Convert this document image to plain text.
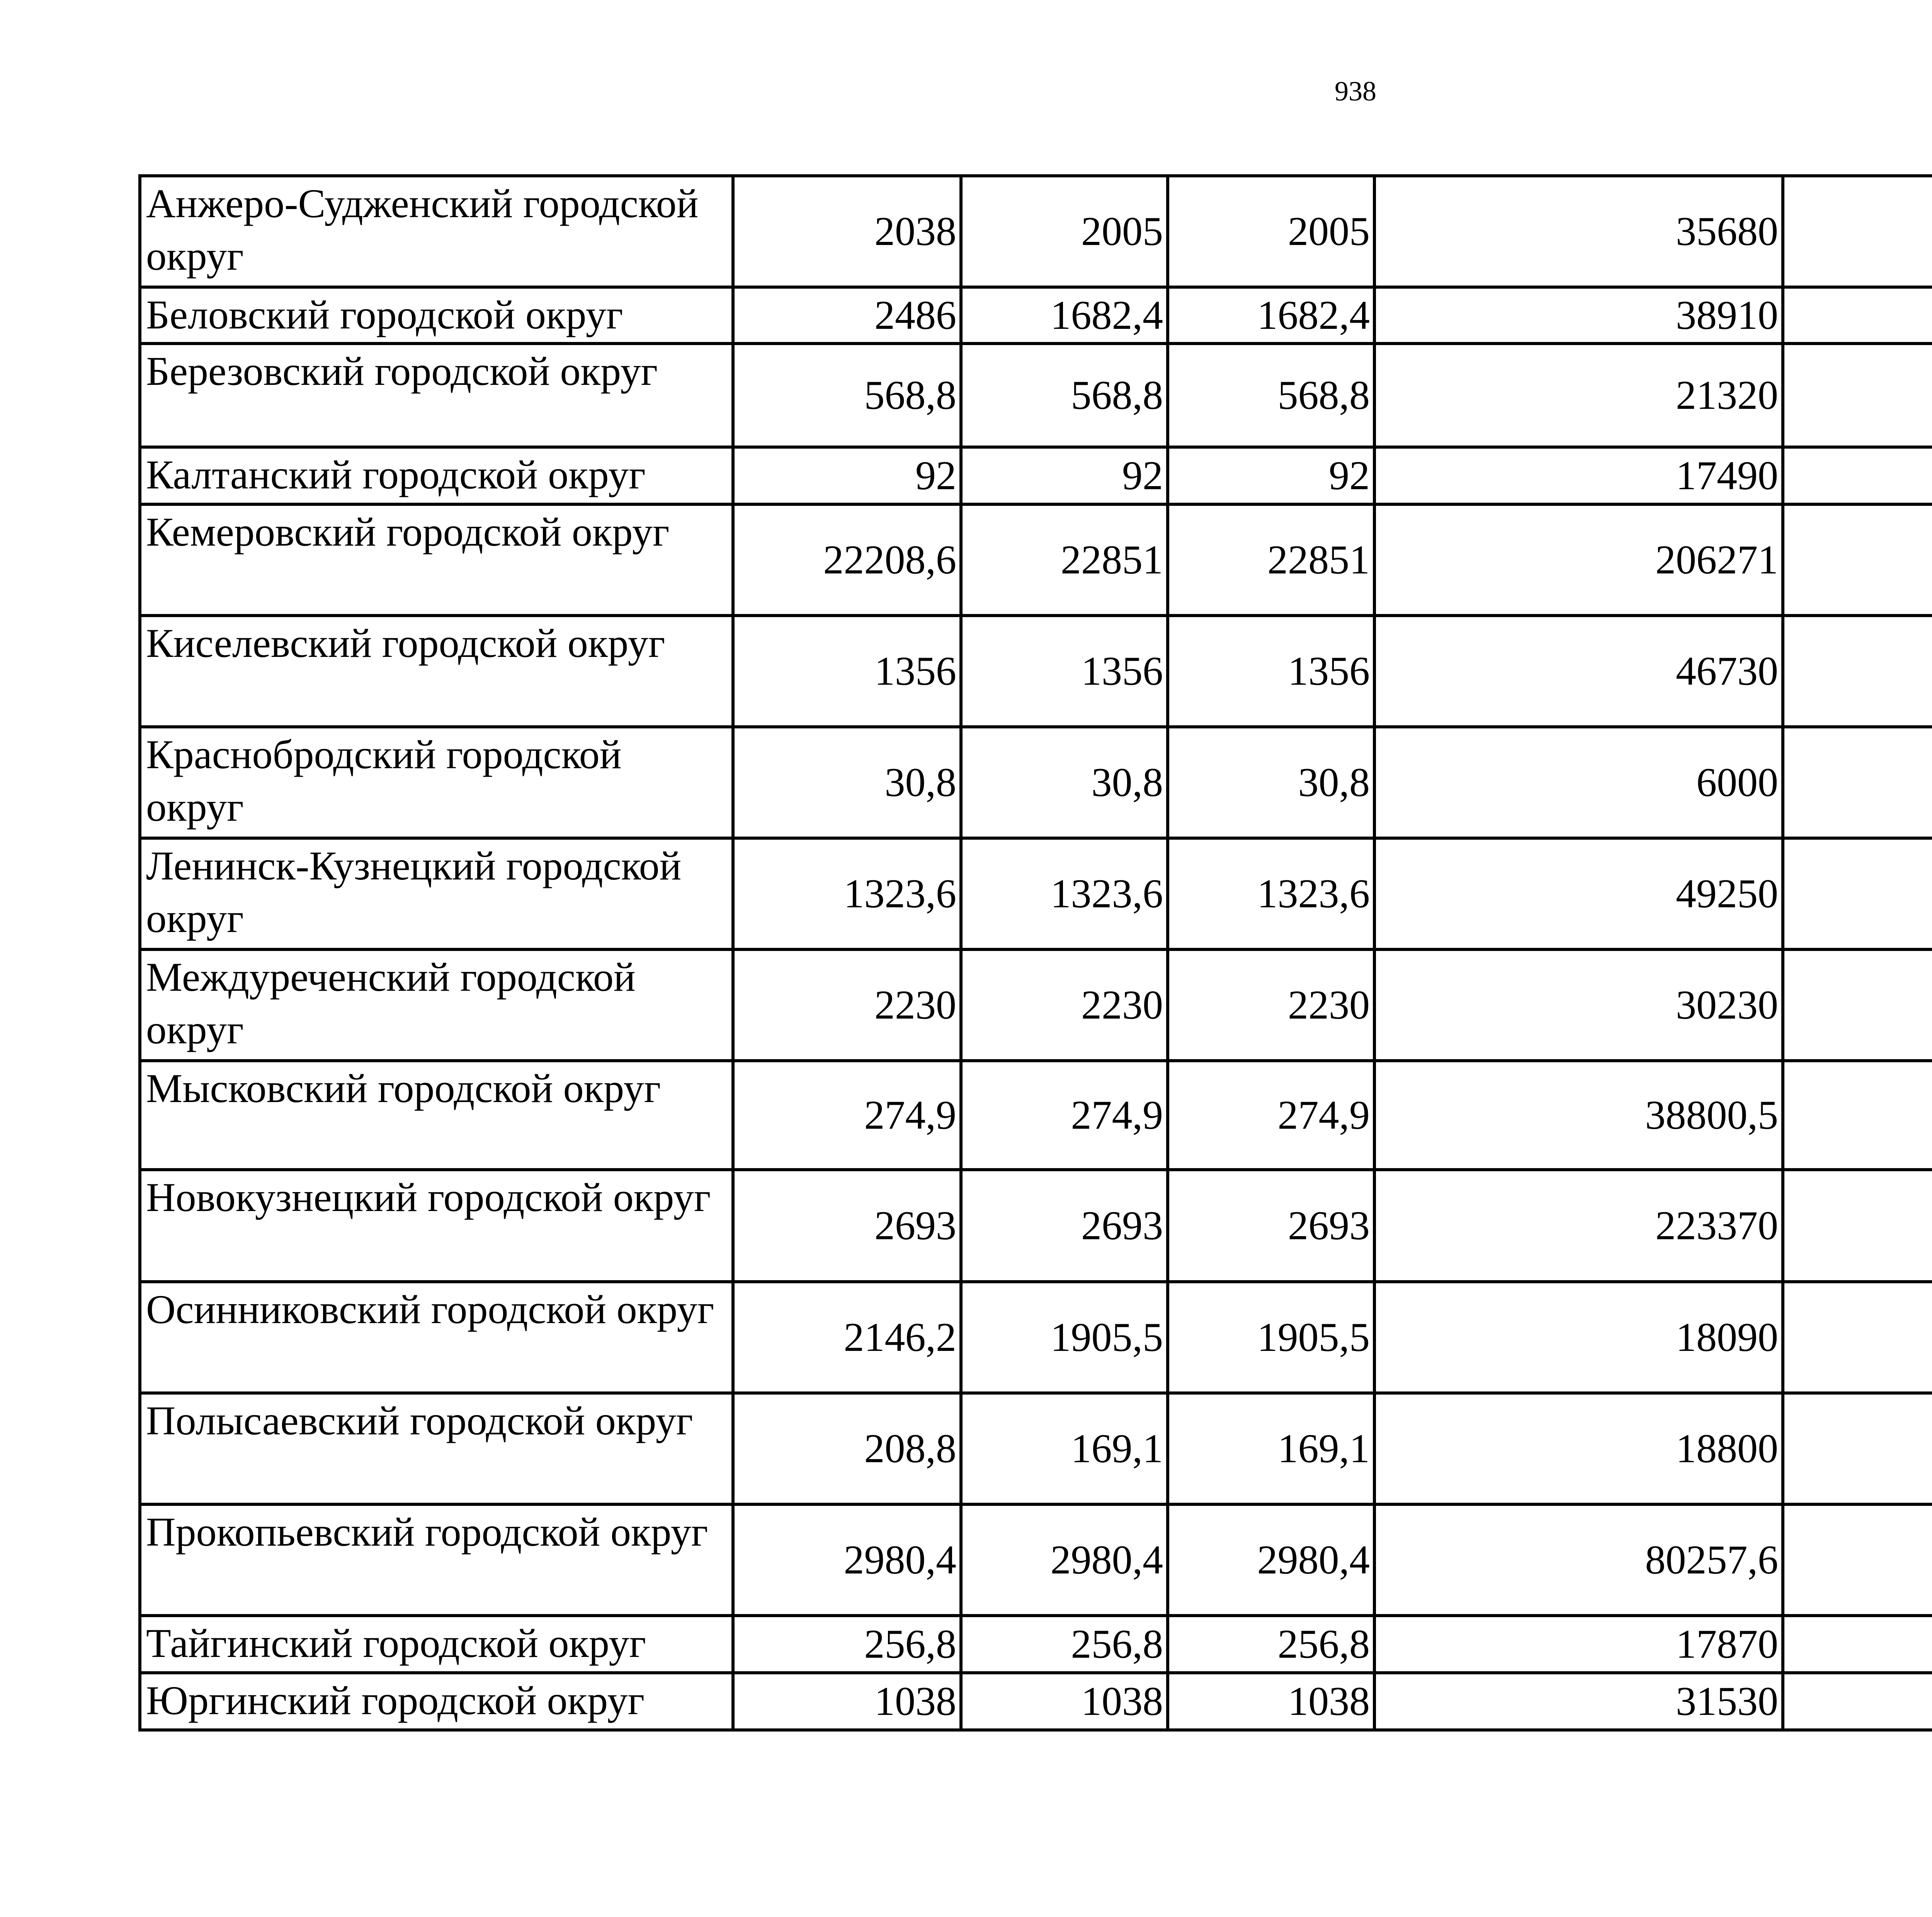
938
Анжеро-Судженский городской округ	2038	2005	2005	35680		
Беловский городской округ	2486	1682,4	1682,4	38910		
Березовский городской округ	568,8	568,8	568,8	21320		
Калтанский городской округ	92	92	92	17490		
Кемеровский городской округ	22208,6	22851	22851	206271		
Киселевский городской округ	1356	1356	1356	46730		
Краснобродский городской округ	30,8	30,8	30,8	6000		
Ленинск-Кузнецкий городской округ	1323,6	1323,6	1323,6	49250		
Междуреченский городской округ	2230	2230	2230	30230		
Мысковский городской округ	274,9	274,9	274,9	38800,5		
Новокузнецкий городской округ	2693	2693	2693	223370		
Осинниковский городской округ	2146,2	1905,5	1905,5	18090		
Полысаевский городской округ	208,8	169,1	169,1	18800		
Прокопьевский городской округ	2980,4	2980,4	2980,4	80257,6		
Тайгинский городской округ	256,8	256,8	256,8	17870		
Юргинский городской округ	1038	1038	1038	31530		
